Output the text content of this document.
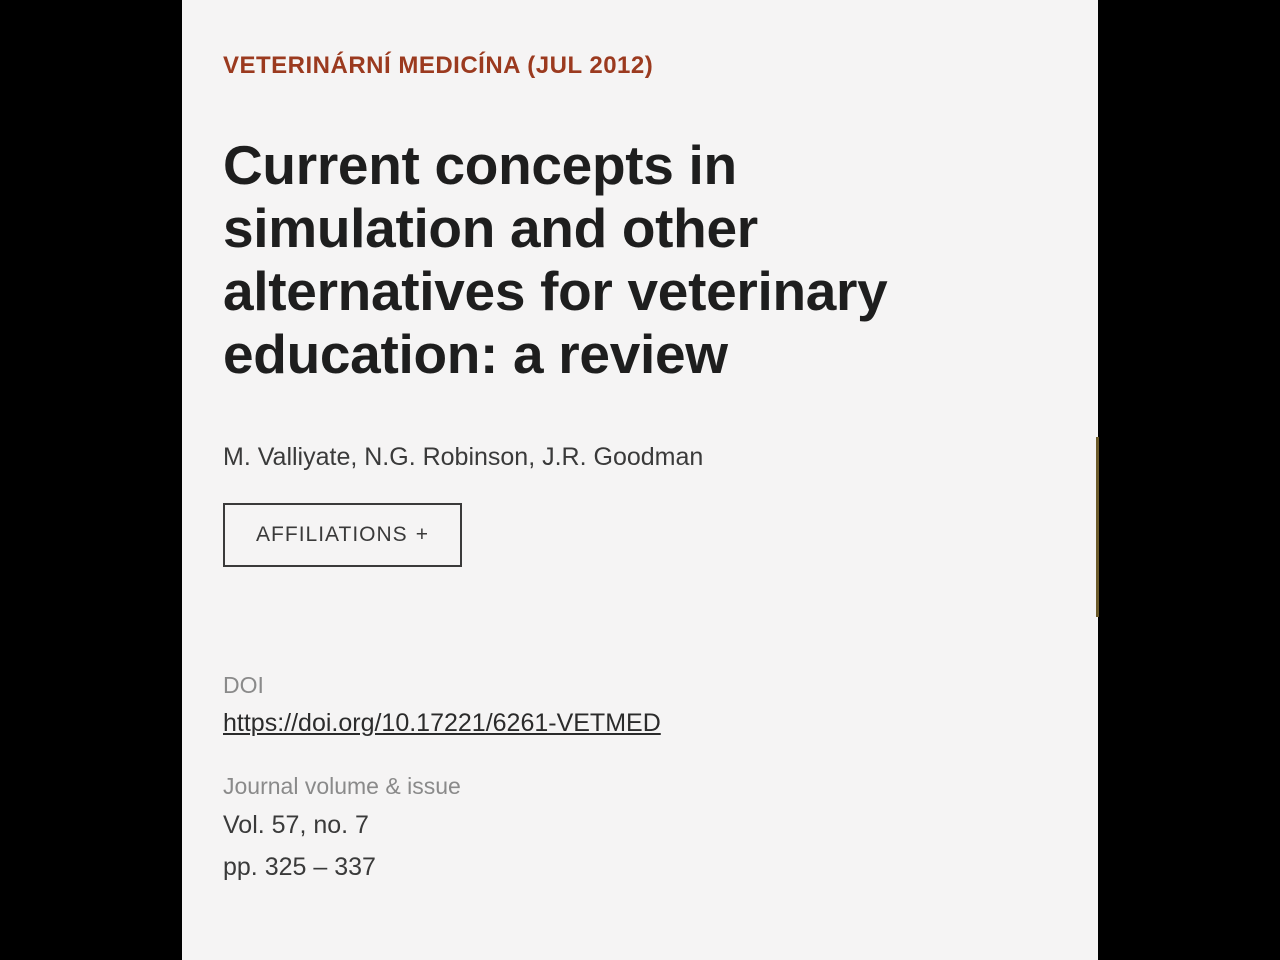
VETERINÁRNÍ MEDICÍNA (JUL 2012)
Current concepts in simulation and other alternatives for veterinary education: a review
M. Valliyate, N.G. Robinson, J.R. Goodman
AFFILIATIONS +
DOI
https://doi.org/10.17221/6261-VETMED
Journal volume & issue
Vol. 57, no. 7
pp. 325 – 337
